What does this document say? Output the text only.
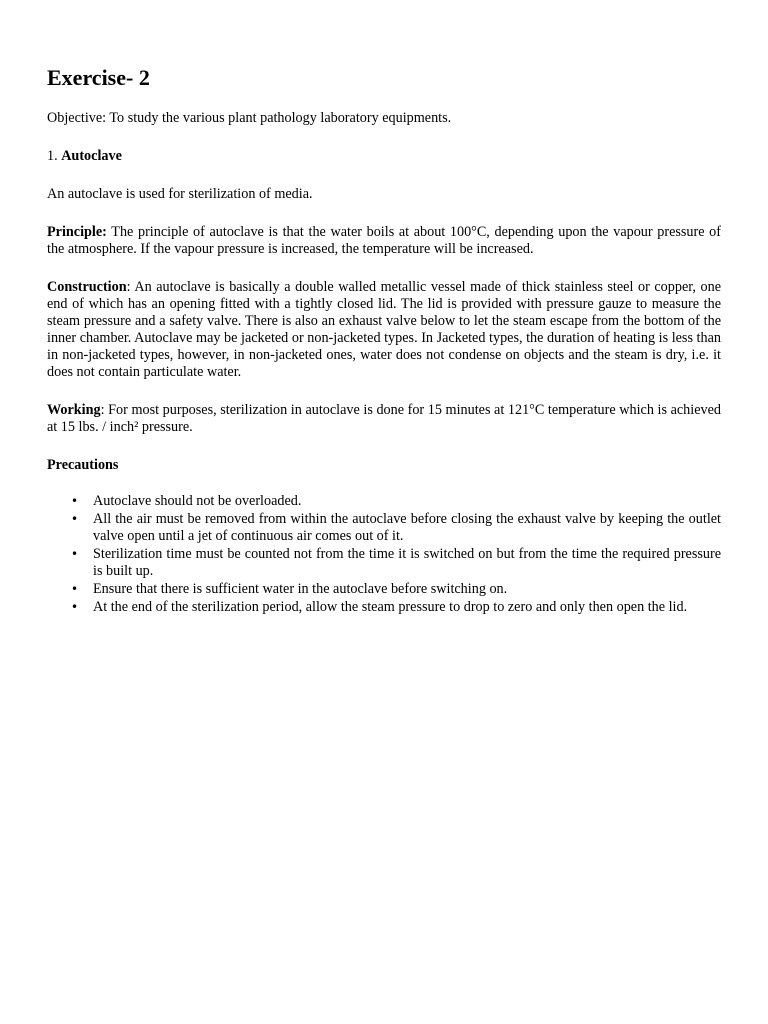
Exercise- 2

Objective: To study the various plant pathology laboratory equipments.

1. Autoclave

An autoclave is used for sterilization of media.

Principle: The principle of autoclave is that the water boils at about 100°C, depending upon the vapour pressure of the atmosphere. If the vapour pressure is increased, the temperature will be increased.

Construction: An autoclave is basically a double walled metallic vessel made of thick stainless steel or copper, one end of which has an opening fitted with a tightly closed lid. The lid is provided with pressure gauze to measure the steam pressure and a safety valve. There is also an exhaust valve below to let the steam escape from the bottom of the inner chamber. Autoclave may be jacketed or non-jacketed types. In Jacketed types, the duration of heating is less than in non-jacketed types, however, in non-jacketed ones, water does not condense on objects and the steam is dry, i.e. it does not contain particulate water.

Working: For most purposes, sterilization in autoclave is done for 15 minutes at 121°C temperature which is achieved at 15 lbs. / inch² pressure.

Precautions

• Autoclave should not be overloaded.
• All the air must be removed from within the autoclave before closing the exhaust valve by keeping the outlet valve open until a jet of continuous air comes out of it.
• Sterilization time must be counted not from the time it is switched on but from the time the required pressure is built up.
• Ensure that there is sufficient water in the autoclave before switching on.
• At the end of the sterilization period, allow the steam pressure to drop to zero and only then open the lid.
